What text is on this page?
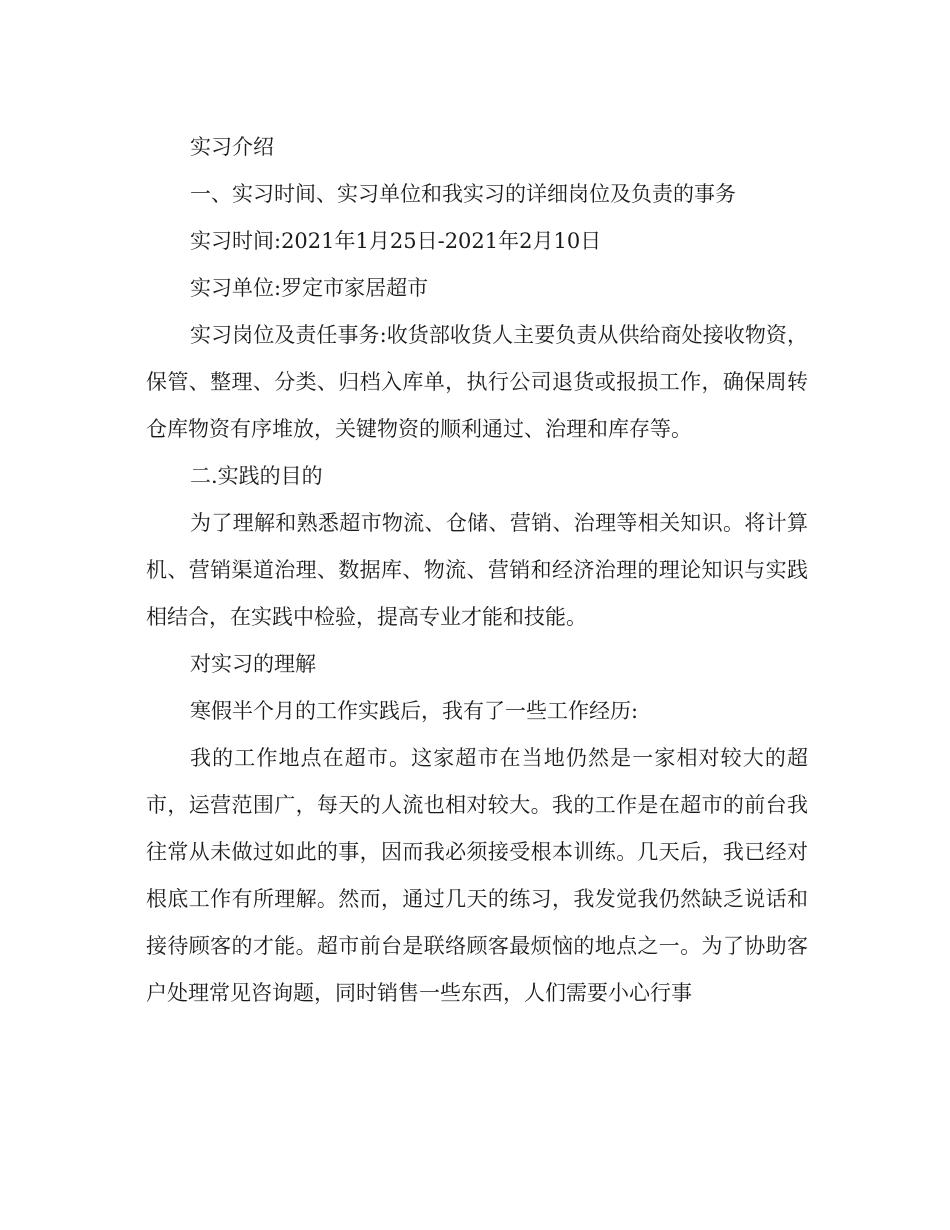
实习介绍

一、实习时间、实习单位和我实习的详细岗位及负责的事务

实习时间:2021年1月25日-2021年2月10日

实习单位:罗定市家居超市

实习岗位及责任事务:收货部收货人主要负责从供给商处接收物资，保管、整理、分类、归档入库单，执行公司退货或报损工作，确保周转仓库物资有序堆放，关键物资的顺利通过、治理和库存等。

二.实践的目的

为了理解和熟悉超市物流、仓储、营销、治理等相关知识。将计算机、营销渠道治理、数据库、物流、营销和经济治理的理论知识与实践相结合，在实践中检验，提高专业才能和技能。

对实习的理解

寒假半个月的工作实践后，我有了一些工作经历:

我的工作地点在超市。这家超市在当地仍然是一家相对较大的超市，运营范围广，每天的人流也相对较大。我的工作是在超市的前台我往常从未做过如此的事，因而我必须接受根本训练。几天后，我已经对根底工作有所理解。然而，通过几天的练习，我发觉我仍然缺乏说话和接待顾客的才能。超市前台是联络顾客最烦恼的地点之一。为了协助客户处理常见咨询题，同时销售一些东西，人们需要小心行事
